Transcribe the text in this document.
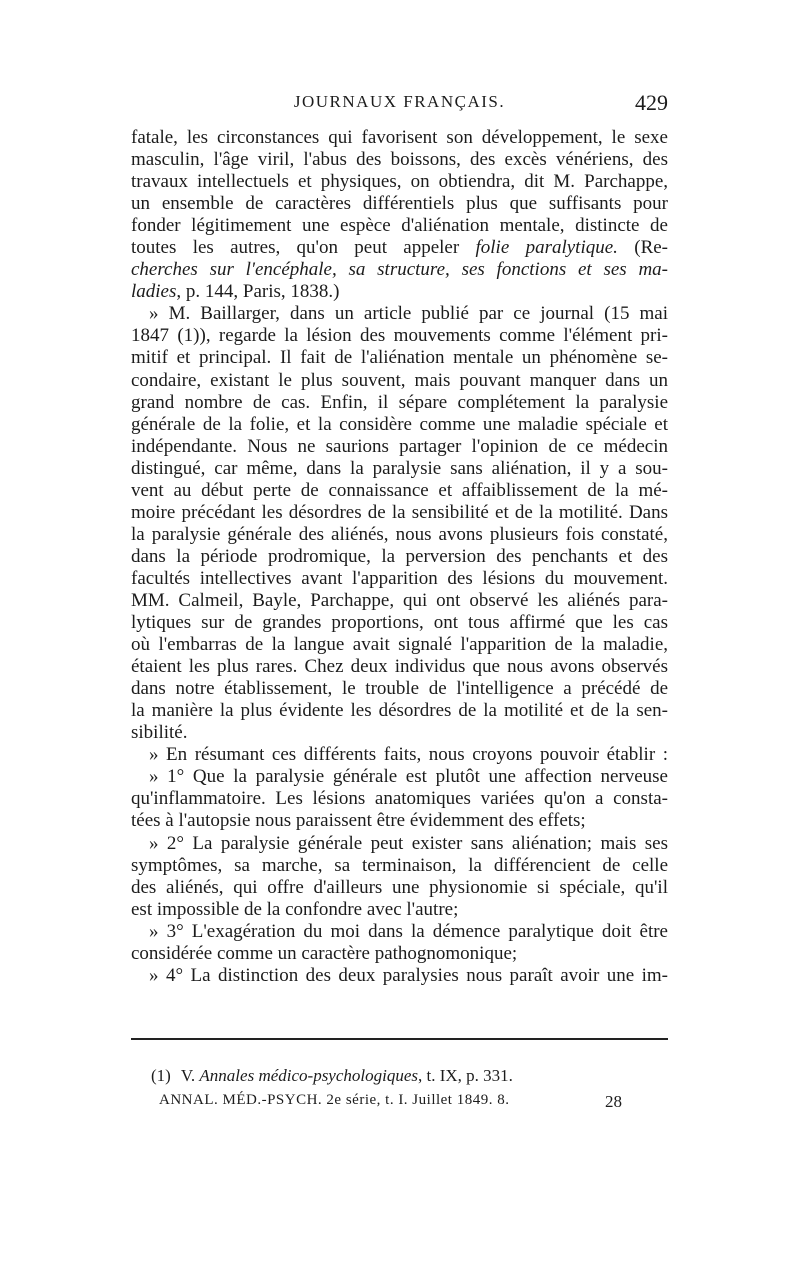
JOURNAUX FRANÇAIS.	429
fatale, les circonstances qui favorisent son développement, le sexe
masculin, l'âge viril, l'abus des boissons, des excès vénériens, des
travaux intellectuels et physiques, on obtiendra, dit M. Parchappe,
un ensemble de caractères différentiels plus que suffisants pour
fonder légitimement une espèce d'aliénation mentale, distincte de
toutes les autres, qu'on peut appeler folie paralytique. (Re-
cherches sur l'encéphale, sa structure, ses fonctions et ses ma-
ladies, p. 144, Paris, 1838.)
» M. Baillarger, dans un article publié par ce journal (15 mai
1847 (1)), regarde la lésion des mouvements comme l'élément pri-
mitif et principal. Il fait de l'aliénation mentale un phénomène se-
condaire, existant le plus souvent, mais pouvant manquer dans un
grand nombre de cas. Enfin, il sépare complétement la paralysie
générale de la folie, et la considère comme une maladie spéciale et
indépendante. Nous ne saurions partager l'opinion de ce médecin
distingué, car même, dans la paralysie sans aliénation, il y a sou-
vent au début perte de connaissance et affaiblissement de la mé-
moire précédant les désordres de la sensibilité et de la motilité. Dans
la paralysie générale des aliénés, nous avons plusieurs fois constaté,
dans la période prodromique, la perversion des penchants et des
facultés intellectives avant l'apparition des lésions du mouvement.
MM. Calmeil, Bayle, Parchappe, qui ont observé les aliénés para-
lytiques sur de grandes proportions, ont tous affirmé que les cas
où l'embarras de la langue avait signalé l'apparition de la maladie,
étaient les plus rares. Chez deux individus que nous avons observés
dans notre établissement, le trouble de l'intelligence a précédé de
la manière la plus évidente les désordres de la motilité et de la sen-
sibilité.
» En résumant ces différents faits, nous croyons pouvoir établir :
» 1° Que la paralysie générale est plutôt une affection nerveuse
qu'inflammatoire. Les lésions anatomiques variées qu'on a consta-
tées à l'autopsie nous paraissent être évidemment des effets;
» 2° La paralysie générale peut exister sans aliénation; mais ses
symptômes, sa marche, sa terminaison, la différencient de celle
des aliénés, qui offre d'ailleurs une physionomie si spéciale, qu'il
est impossible de la confondre avec l'autre;
» 3° L'exagération du moi dans la démence paralytique doit être
considérée comme un caractère pathognomonique;
» 4° La distinction des deux paralysies nous paraît avoir une im-
(1) V. Annales médico-psychologiques, t. IX, p. 331.
ANNAL. MÉD.-PSYCH. 2e série, t. I. Juillet 1849. 8.	28
